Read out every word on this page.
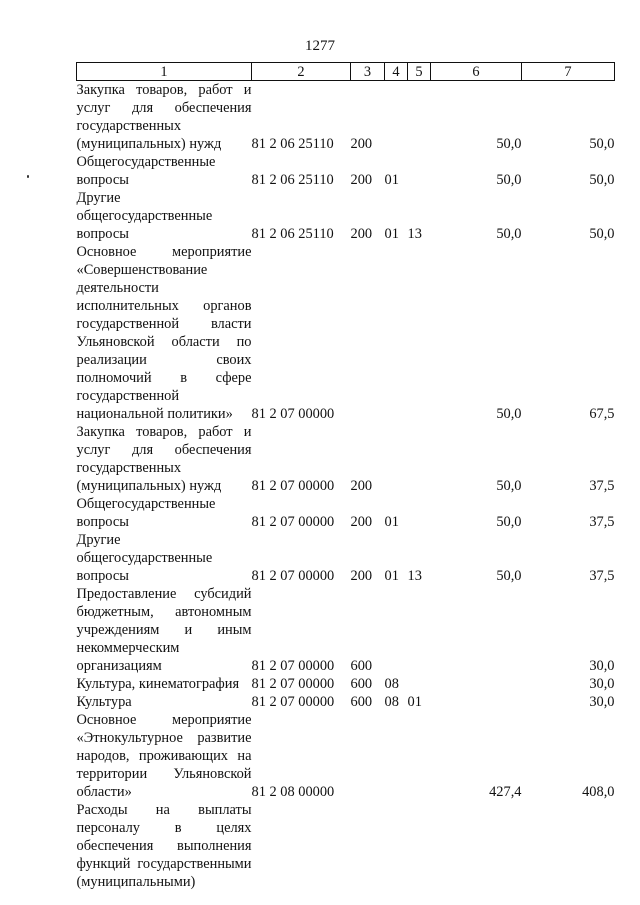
1277
1	2	3	4	5	6	7
Закупка товаров, работ и услуг для обеспечения государственных (муниципальных) нужд	81 2 06 25110	200			50,0	50,0
Общегосударственные вопросы	81 2 06 25110	200	01		50,0	50,0
Другие общегосударственные вопросы	81 2 06 25110	200	01	13	50,0	50,0
Основное мероприятие «Совершенствование деятельности исполнительных органов государственной власти Ульяновской области по реализации своих полномочий в сфере государственной национальной политики»	81 2 07 00000				50,0	67,5
Закупка товаров, работ и услуг для обеспечения государственных (муниципальных) нужд	81 2 07 00000	200			50,0	37,5
Общегосударственные вопросы	81 2 07 00000	200	01		50,0	37,5
Другие общегосударственные вопросы	81 2 07 00000	200	01	13	50,0	37,5
Предоставление субсидий бюджетным, автономным учреждениям и иным некоммерческим организациям	81 2 07 00000	600				30,0
Культура, кинематография	81 2 07 00000	600	08			30,0
Культура	81 2 07 00000	600	08	01		30,0
Основное мероприятие «Этнокультурное развитие народов, проживающих на территории Ульяновской области»	81 2 08 00000				427,4	408,0
Расходы на выплаты персоналу в целях обеспечения выполнения функций государственными (муниципальными)						
